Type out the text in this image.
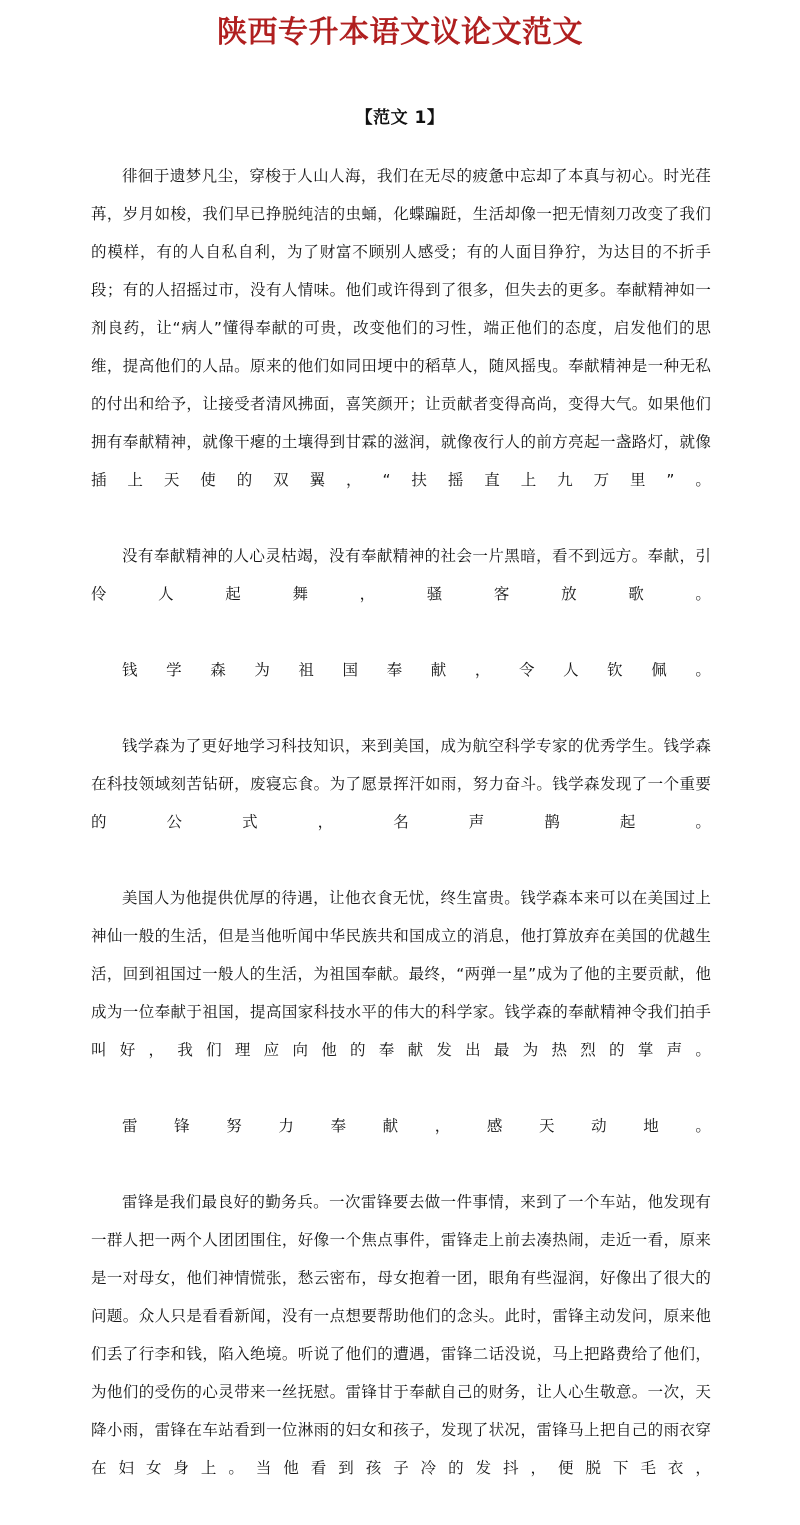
陕西专升本语文议论文范文
【范文 1】

徘徊于遗梦凡尘，穿梭于人山人海，我们在无尽的疲惫中忘却了本真与初心。时光荏苒，岁月如梭，我们早已挣脱纯洁的虫蛹，化蝶蹁跹，生活却像一把无情刻刀改变了我们的模样，有的人自私自利，为了财富不顾别人感受；有的人面目狰狞，为达目的不折手段；有的人招摇过市，没有人情味。他们或许得到了很多，但失去的更多。奉献精神如一剂良药，让“病人”懂得奉献的可贵，改变他们的习性，端正他们的态度，启发他们的思维，提高他们的人品。原来的他们如同田埂中的稻草人，随风摇曳。奉献精神是一种无私的付出和给予，让接受者清风拂面，喜笑颜开；让贡献者变得高尚，变得大气。如果他们拥有奉献精神，就像干瘪的土壤得到甘霖的滋润，就像夜行人的前方亮起一盏路灯，就像插上天使的双翼，“扶摇直上九万里”。

没有奉献精神的人心灵枯竭，没有奉献精神的社会一片黑暗，看不到远方。奉献，引伶人起舞，骚客放歌。

钱学森为祖国奉献，令人钦佩。

钱学森为了更好地学习科技知识，来到美国，成为航空科学专家的优秀学生。钱学森在科技领域刻苦钻研，废寝忘食。为了愿景挥汗如雨，努力奋斗。钱学森发现了一个重要的公式，名声鹊起。

美国人为他提供优厚的待遇，让他衣食无忧，终生富贵。钱学森本来可以在美国过上神仙一般的生活，但是当他听闻中华民族共和国成立的消息，他打算放弃在美国的优越生活，回到祖国过一般人的生活，为祖国奉献。最终，“两弹一星”成为了他的主要贡献，他成为一位奉献于祖国，提高国家科技水平的伟大的科学家。钱学森的奉献精神令我们拍手叫好，我们理应向他的奉献发出最为热烈的掌声。

雷锋努力奉献，感天动地。

雷锋是我们最良好的勤务兵。一次雷锋要去做一件事情，来到了一个车站，他发现有一群人把一两个人团团围住，好像一个焦点事件，雷锋走上前去凑热闹，走近一看，原来是一对母女，他们神情慌张，愁云密布，母女抱着一团，眼角有些湿润，好像出了很大的问题。众人只是看看新闻，没有一点想要帮助他们的念头。此时，雷锋主动发问，原来他们丢了行李和钱，陷入绝境。听说了他们的遭遇，雷锋二话没说，马上把路费给了他们，为他们的受伤的心灵带来一丝抚慰。雷锋甘于奉献自己的财务，让人心生敬意。一次，天降小雨，雷锋在车站看到一位淋雨的妇女和孩子，发现了状况，雷锋马上把自己的雨衣穿在妇女身上。当他看到孩子冷的发抖，便脱下毛衣，
